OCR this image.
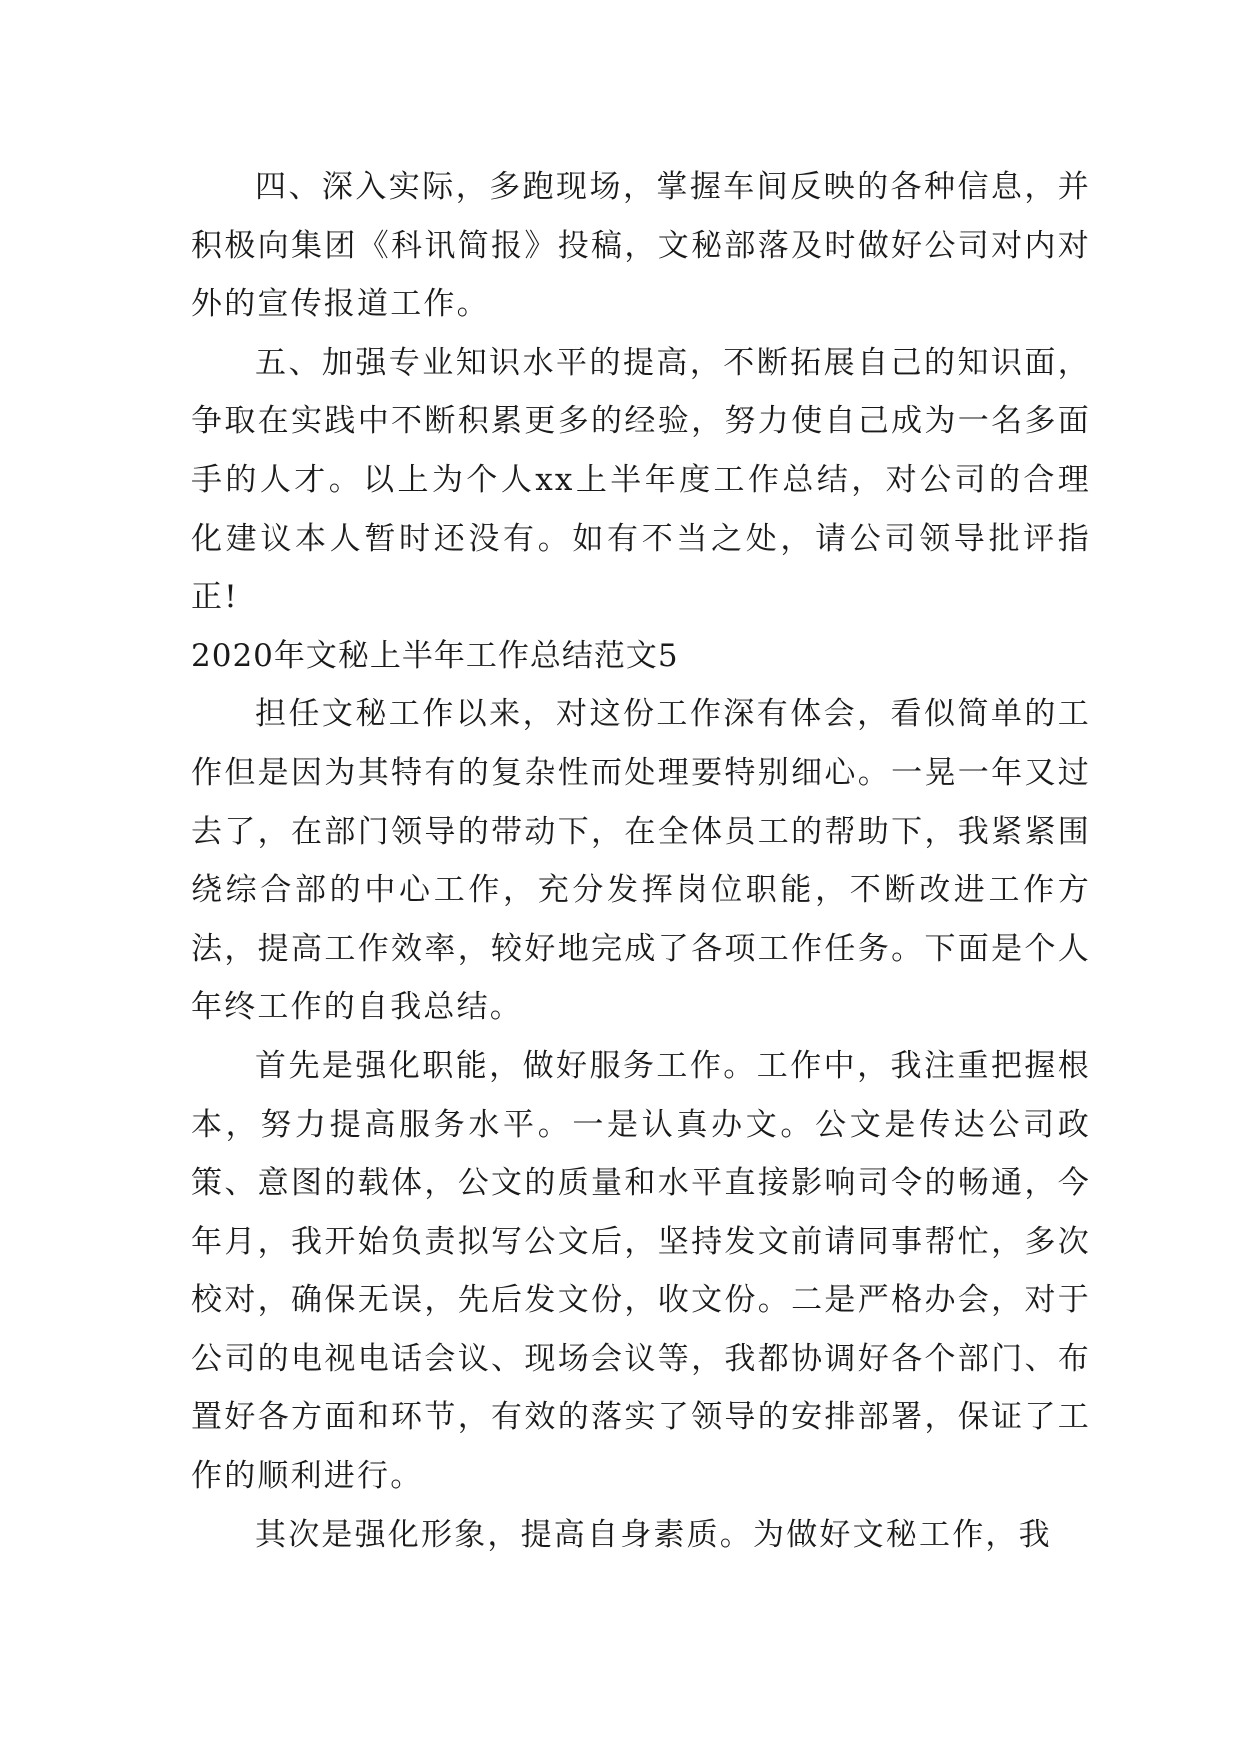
四、深入实际，多跑现场，掌握车间反映的各种信息，并积极向集团《科讯简报》投稿，文秘部落及时做好公司对内对外的宣传报道工作。

五、加强专业知识水平的提高，不断拓展自己的知识面，争取在实践中不断积累更多的经验，努力使自己成为一名多面手的人才。以上为个人xx上半年度工作总结，对公司的合理化建议本人暂时还没有。如有不当之处，请公司领导批评指正!

2020年文秘上半年工作总结范文5

担任文秘工作以来，对这份工作深有体会，看似简单的工作但是因为其特有的复杂性而处理要特别细心。一晃一年又过去了，在部门领导的带动下，在全体员工的帮助下，我紧紧围绕综合部的中心工作，充分发挥岗位职能，不断改进工作方法，提高工作效率，较好地完成了各项工作任务。下面是个人年终工作的自我总结。

首先是强化职能，做好服务工作。工作中，我注重把握根本，努力提高服务水平。一是认真办文。公文是传达公司政策、意图的载体，公文的质量和水平直接影响司令的畅通，今年月，我开始负责拟写公文后，坚持发文前请同事帮忙，多次校对，确保无误，先后发文份，收文份。二是严格办会，对于公司的电视电话会议、现场会议等，我都协调好各个部门、布置好各方面和环节，有效的落实了领导的安排部署，保证了工作的顺利进行。

其次是强化形象，提高自身素质。为做好文秘工作，我
